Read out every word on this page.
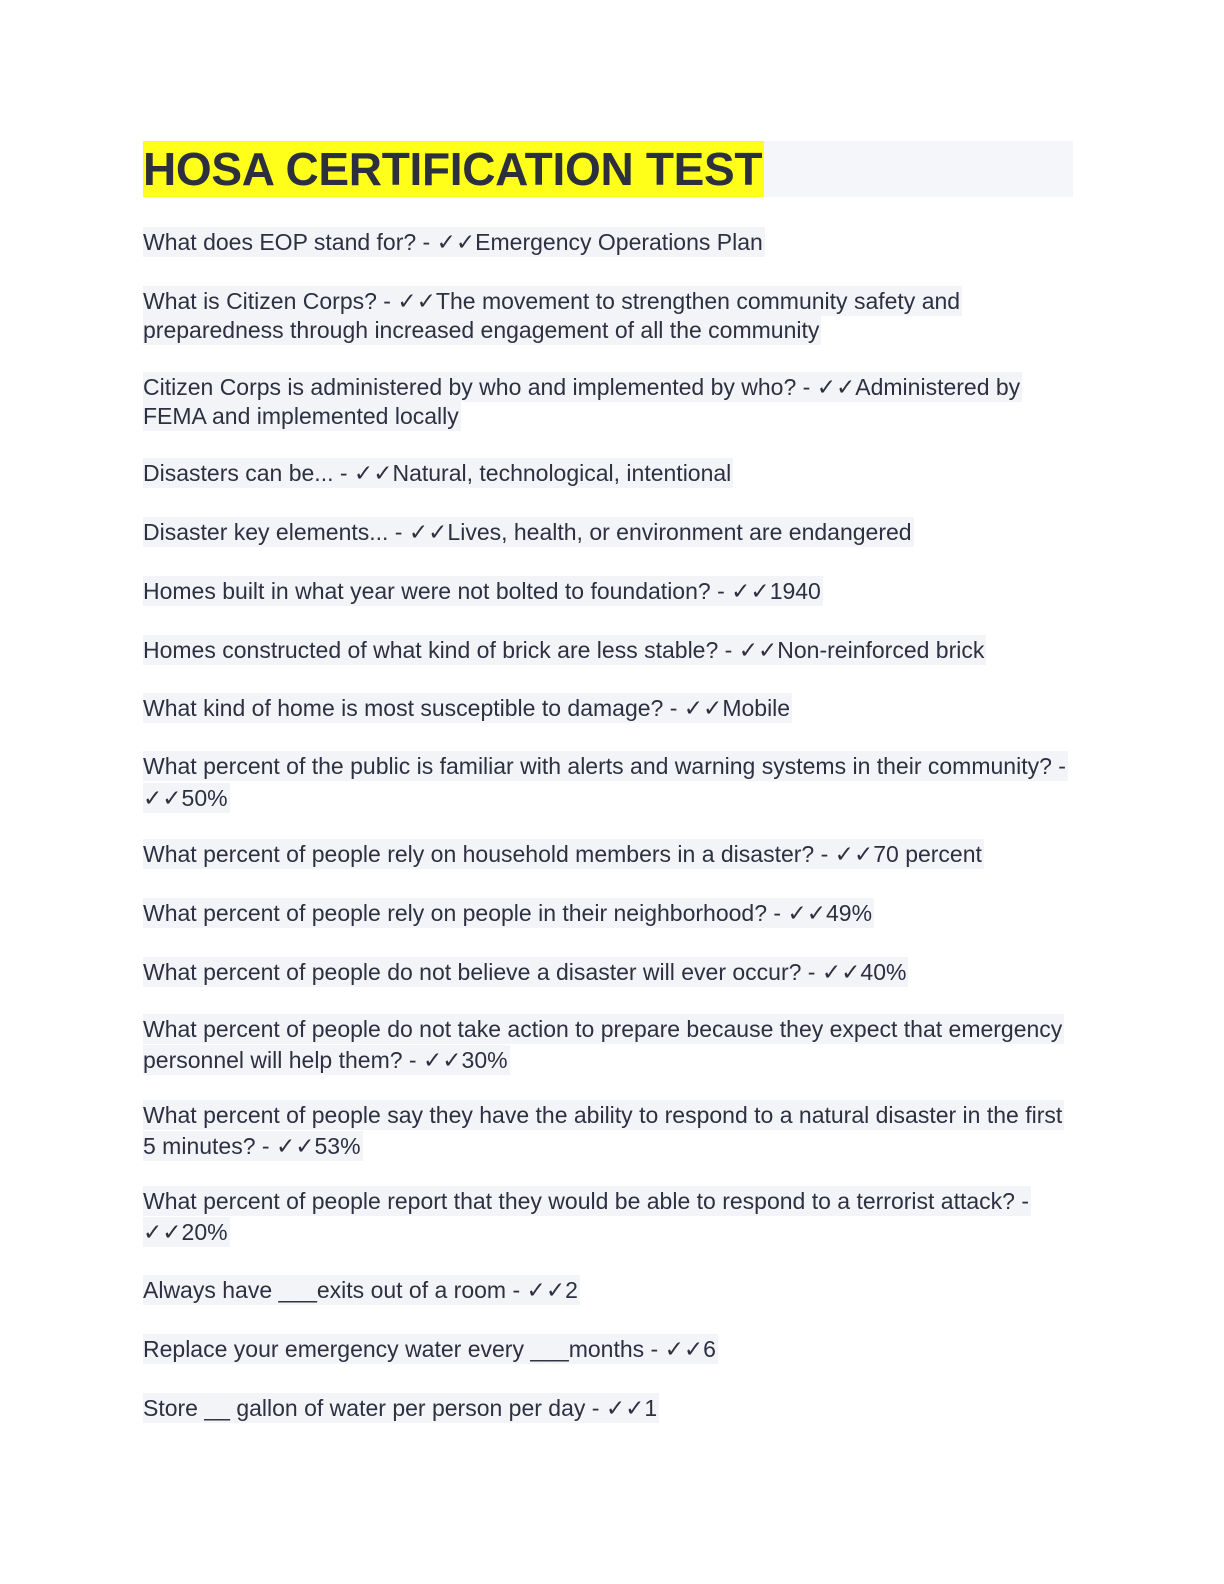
HOSA CERTIFICATION TEST
What does EOP stand for? - ✓✓Emergency Operations Plan
What is Citizen Corps? - ✓✓The movement to strengthen community safety and preparedness through increased engagement of all the community
Citizen Corps is administered by who and implemented by who? - ✓✓Administered by FEMA and implemented locally
Disasters can be... - ✓✓Natural, technological, intentional
Disaster key elements... - ✓✓Lives, health, or environment are endangered
Homes built in what year were not bolted to foundation? - ✓✓1940
Homes constructed of what kind of brick are less stable? - ✓✓Non-reinforced brick
What kind of home is most susceptible to damage? - ✓✓Mobile
What percent of the public is familiar with alerts and warning systems in their community? - ✓✓50%
What percent of people rely on household members in a disaster? - ✓✓70 percent
What percent of people rely on people in their neighborhood? - ✓✓49%
What percent of people do not believe a disaster will ever occur? - ✓✓40%
What percent of people do not take action to prepare because they expect that emergency personnel will help them? - ✓✓30%
What percent of people say they have the ability to respond to a natural disaster in the first 5 minutes? - ✓✓53%
What percent of people report that they would be able to respond to a terrorist attack? - ✓✓20%
Always have ___exits out of a room - ✓✓2
Replace your emergency water every ___months - ✓✓6
Store __ gallon of water per person per day - ✓✓1
